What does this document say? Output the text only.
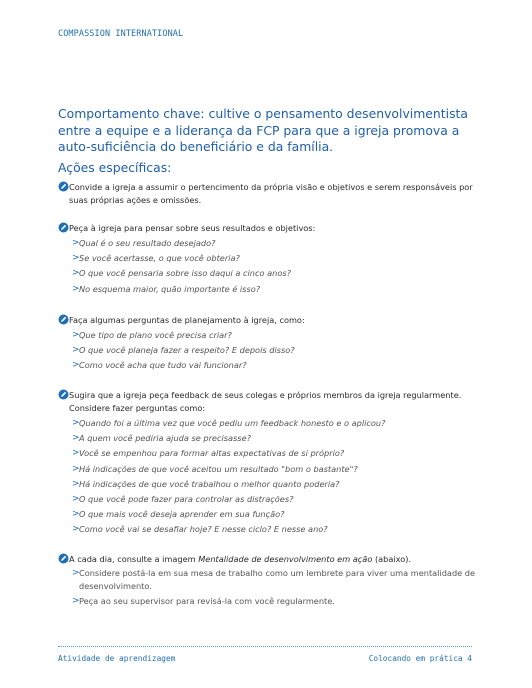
COMPASSION INTERNATIONAL
Comportamento chave: cultive o pensamento desenvolvimentista entre a equipe e a liderança da FCP para que a igreja promova a auto-suficiência do beneficiário e da família.
Ações específicas:
Convide a igreja a assumir o pertencimento da própria visão e objetivos e serem responsáveis por suas próprias ações e omissões.
Peça à igreja para pensar sobre seus resultados e objetivos:
> Qual é o seu resultado desejado?
> Se você acertasse, o que você obteria?
> O que você pensaria sobre isso daqui a cinco anos?
> No esquema maior, quão importante é isso?
Faça algumas perguntas de planejamento à igreja, como:
> Que tipo de plano você precisa criar?
> O que você planeja fazer a respeito? E depois disso?
> Como você acha que tudo vai funcionar?
Sugira que a igreja peça feedback de seus colegas e próprios membros da igreja regularmente. Considere fazer perguntas como:
> Quando foi a última vez que você pediu um feedback honesto e o aplicou?
> A quem você pediria ajuda se precisasse?
> Você se empenhou para formar altas expectativas de si próprio?
> Há indicações de que você aceitou um resultado "bom o bastante"?
> Há indicações de que você trabalhou o melhor quanto poderia?
> O que você pode fazer para controlar as distrações?
> O que mais você deseja aprender em sua função?
> Como você vai se desafiar hoje? E nesse ciclo? E nesse ano?
A cada dia, consulte a imagem Mentalidade de desenvolvimento em ação (abaixo).
> Considere postá-la em sua mesa de trabalho como um lembrete para viver uma mentalidade de desenvolvimento.
> Peça ao seu supervisor para revisá-la com você regularmente.
Atividade de aprendizagem	Colocando em prática 4
